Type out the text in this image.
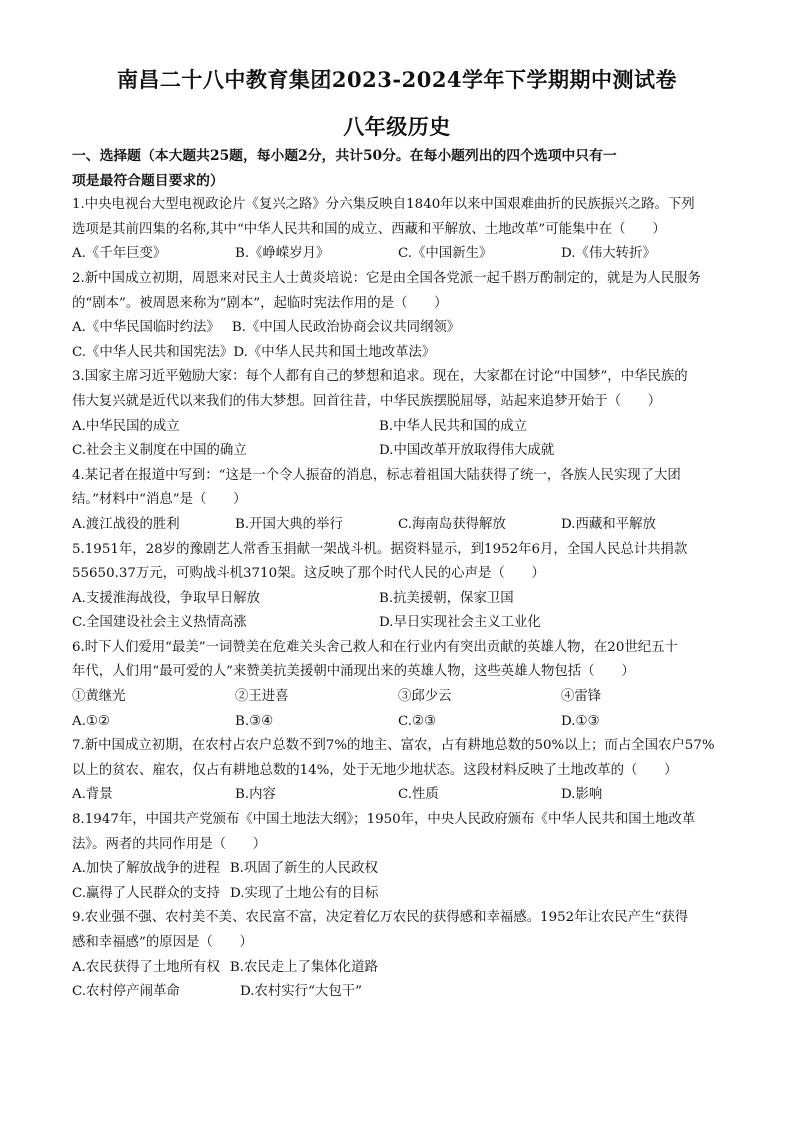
南昌二十八中教育集团2023-2024学年下学期期中测试卷
八年级历史
一、选择题（本大题共25题，每小题2分，共计50分。在每小题列出的四个选项中只有一
项是最符合题目要求的）
1.中央电视台大型电视政论片《复兴之路》分六集反映自1840年以来中国艰难曲折的民族振兴之路。下列
选项是其前四集的名称,其中“中华人民共和国的成立、西藏和平解放、土地改革”可能集中在（　　）
A.《千年巨变》	B.《峥嵘岁月》	C.《中国新生》	D.《伟大转折》
2.新中国成立初期，周恩来对民主人士黄炎培说：它是由全国各党派一起千斟万酌制定的，就是为人民服务
的“剧本”。被周恩来称为“剧本”，起临时宪法作用的是（　　）
A.《中华民国临时约法》 B.《中国人民政治协商会议共同纲领》
C.《中华人民共和国宪法》D.《中华人民共和国土地改革法》
3.国家主席习近平勉励大家：每个人都有自己的梦想和追求。现在，大家都在讨论“中国梦”，中华民族的
伟大复兴就是近代以来我们的伟大梦想。回首往昔，中华民族摆脱屈辱，站起来追梦开始于（　　）
A.中华民国的成立	B.中华人民共和国的成立
C.社会主义制度在中国的确立	D.中国改革开放取得伟大成就
4.某记者在报道中写到：“这是一个令人振奋的消息，标志着祖国大陆获得了统一，各族人民实现了大团
结。”材料中“消息”是（　　）
A.渡江战役的胜利	B.开国大典的举行	C.海南岛获得解放	D.西藏和平解放
5.1951年，28岁的豫剧艺人常香玉捐献一架战斗机。据资料显示，到1952年6月，全国人民总计共捐款
55650.37万元，可购战斗机3710架。这反映了那个时代人民的心声是（　　）
A.支援淮海战役，争取早日解放	B.抗美援朝，保家卫国
C.全国建设社会主义热情高涨	D.早日实现社会主义工业化
6.时下人们爱用“最美”一词赞美在危难关头舍己救人和在行业内有突出贡献的英雄人物，在20世纪五十
年代，人们用“最可爱的人”来赞美抗美援朝中涌现出来的英雄人物，这些英雄人物包括（　　）
①黄继光	②王进喜	③邱少云	④雷锋
A.①②	B.③④	C.②③	D.①③
7.新中国成立初期，在农村占农户总数不到7%的地主、富农，占有耕地总数的50%以上；而占全国农户57%
以上的贫农、雇农，仅占有耕地总数的14%，处于无地少地状态。这段材料反映了土地改革的（　　）
A.背景	B.内容	C.性质	D.影响
8.1947年，中国共产党颁布《中国土地法大纲》；1950年，中央人民政府颁布《中华人民共和国土地改革
法》。两者的共同作用是（　　）
A.加快了解放战争的进程 B.巩固了新生的人民政权
C.赢得了人民群众的支持 D.实现了土地公有的目标
9.农业强不强、农村美不美、农民富不富，决定着亿万农民的获得感和幸福感。1952年让农民产生“获得
感和幸福感”的原因是（　　）
A.农民获得了土地所有权 B.农民走上了集体化道路
C.农村停产闹革命	D.农村实行“大包干”
